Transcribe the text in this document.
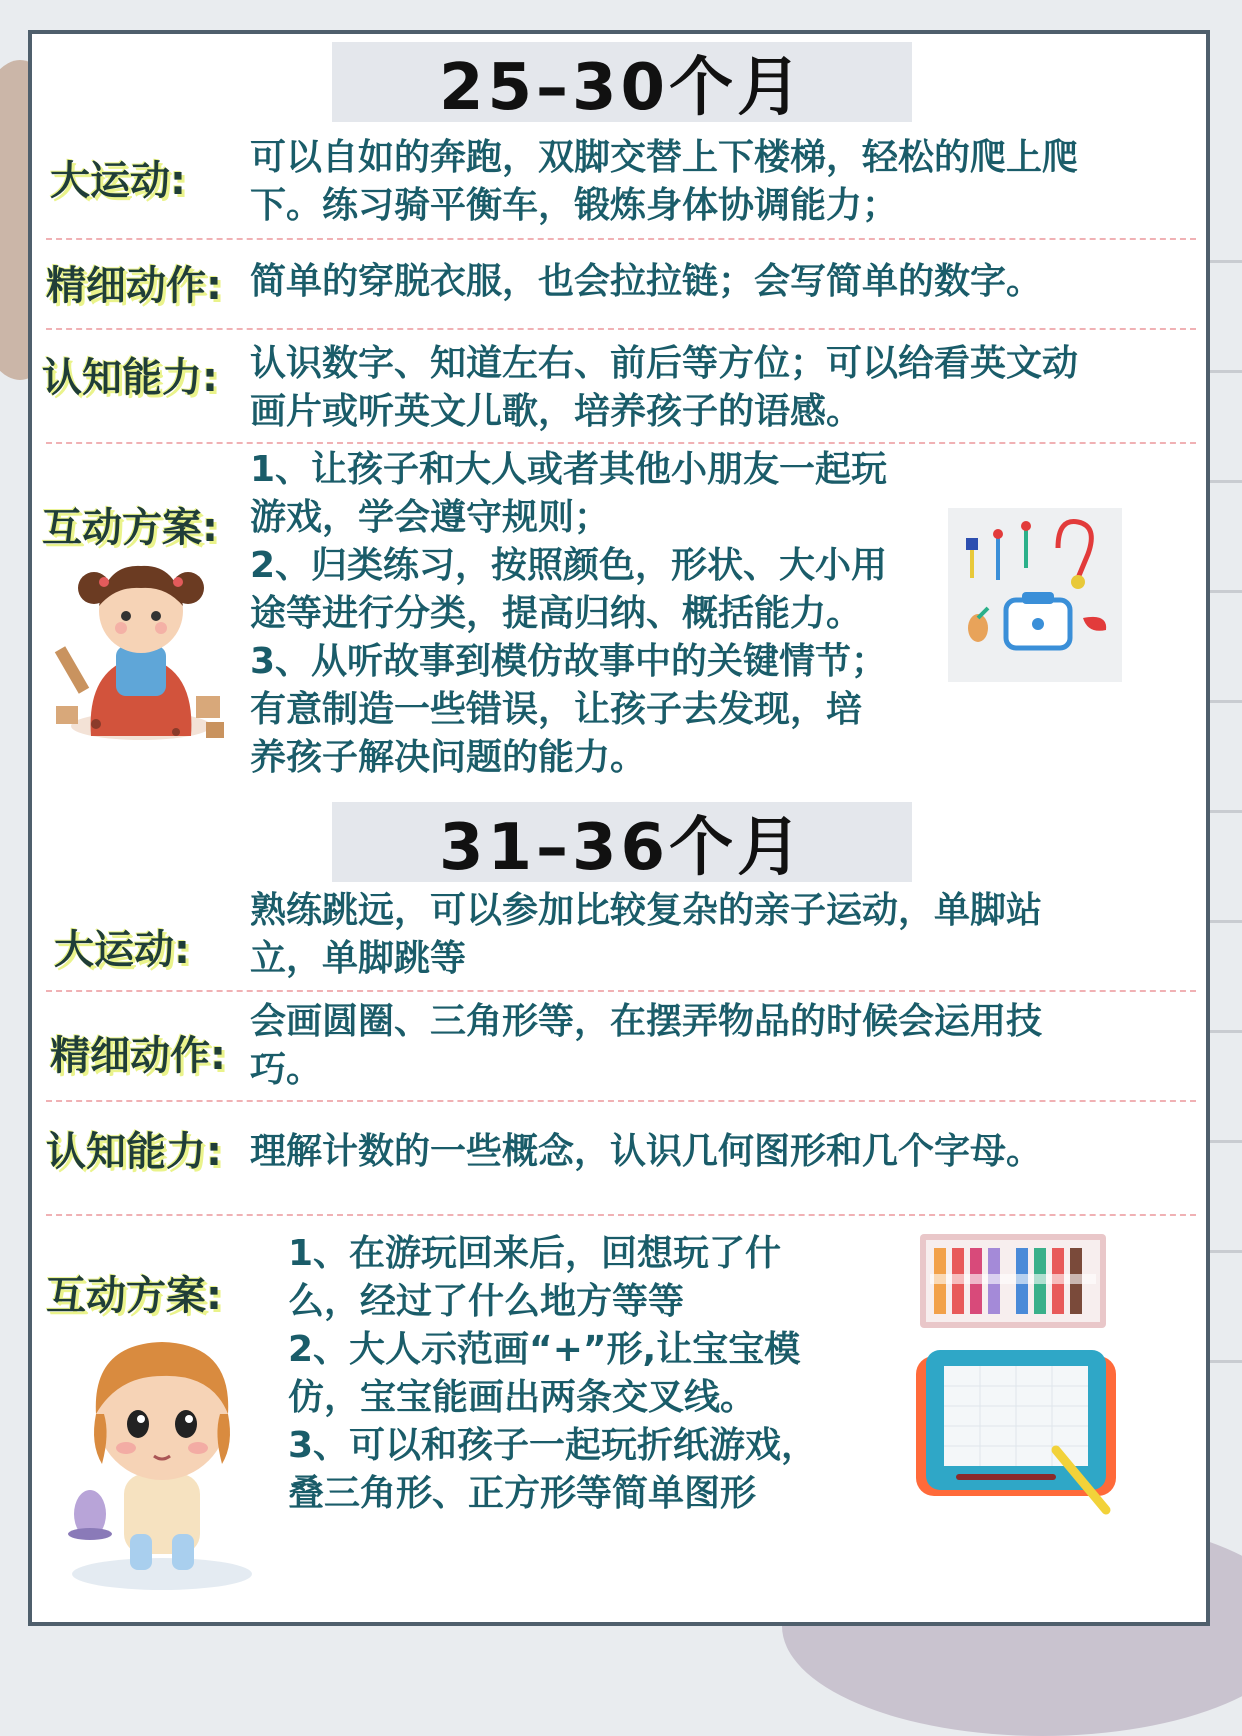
25–30个月
大运动:
可以自如的奔跑，双脚交替上下楼梯，轻松的爬上爬
下。练习骑平衡车，锻炼身体协调能力；
精细动作: 简单的穿脱衣服，也会拉拉链；会写简单的数字。
认知能力: 认识数字、知道左右、前后等方位；可以给看英文动
画片或听英文儿歌，培养孩子的语感。
互动方案:
1、让孩子和大人或者其他小朋友一起玩
游戏，学会遵守规则；
2、归类练习，按照颜色，形状、大小用
途等进行分类，提高归纳、概括能力。
3、从听故事到模仿故事中的关键情节；
有意制造一些错误，让孩子去发现，培
养孩子解决问题的能力。
31–36个月
大运动:
熟练跳远，可以参加比较复杂的亲子运动，单脚站
立，单脚跳等
精细动作:
会画圆圈、三角形等，在摆弄物品的时候会运用技
巧。
认知能力: 理解计数的一些概念，认识几何图形和几个字母。
互动方案:
1、在游玩回来后，回想玩了什
么，经过了什么地方等等
2、大人示范画“+”形,让宝宝模
仿，宝宝能画出两条交叉线。
3、可以和孩子一起玩折纸游戏，
叠三角形、正方形等简单图形
